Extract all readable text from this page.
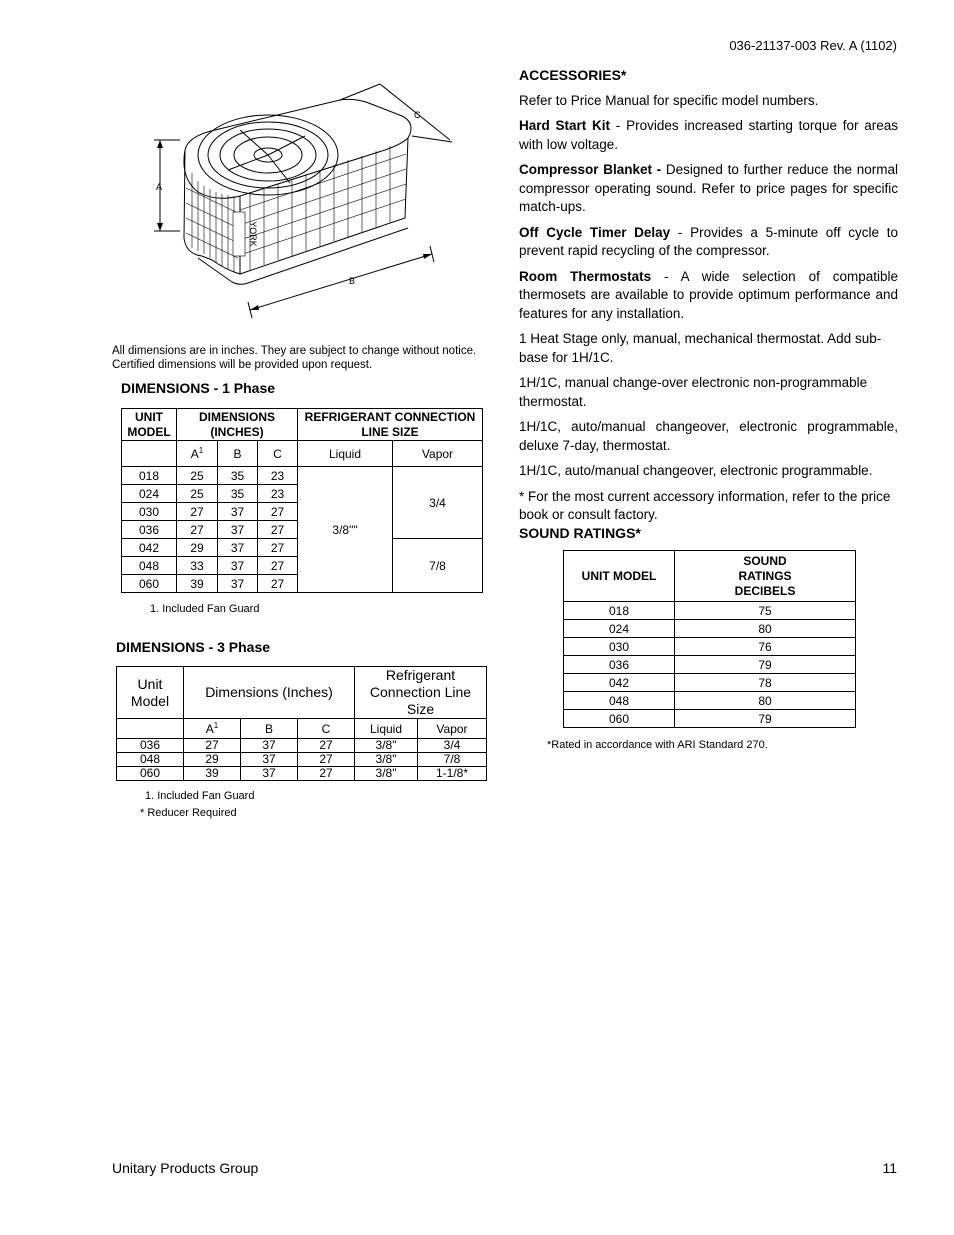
036-21137-003 Rev. A (1102)
YORK
A
B
C
All dimensions are in inches. They are subject to change without notice. Certified dimensions will be provided upon request.
DIMENSIONS - 1 Phase
UNIT MODEL	DIMENSIONS (INCHES)			REFRIGERANT CONNECTION LINE SIZE	
	$A^1$	B	C	Liquid	Vapor
018	25	35	23	3/8""	3/4
024	25	35	23		
030	27	37	27		
036	27	37	27		
042	29	37	27		7/8
048	33	37	27		
060	39	37	27		
1. Included Fan Guard
DIMENSIONS - 3 Phase
Unit Model	Dimensions (Inches)			Refrigerant Connection Line Size	
	$A^1$	B	C	Liquid	Vapor
036	27	37	27	3/8"	3/4
048	29	37	27	3/8"	7/8
060	39	37	27	3/8"	1-1/8*
1. Included Fan Guard
* Reducer Required
ACCESSORIES*

Refer to Price Manual for specific model numbers.

Hard Start Kit - Provides increased starting torque for areas with low voltage.

Compressor Blanket - Designed to further reduce the normal compressor operating sound. Refer to price pages for specific match-ups.

Off Cycle Timer Delay - Provides a 5-minute off cycle to prevent rapid recycling of the compressor.

Room Thermostats - A wide selection of compatible thermosets are available to provide optimum performance and features for any installation.

1 Heat Stage only, manual, mechanical thermostat. Add sub-base for 1H/1C.

1H/1C, manual change-over electronic non-programmable thermostat.

1H/1C, auto/manual changeover, electronic programmable, deluxe 7-day, thermostat.

1H/1C, auto/manual changeover, electronic programmable.

* For the most current accessory information, refer to the price book or consult factory.

SOUND RATINGS*
UNIT MODEL	SOUND
RATINGS
DECIBELS
018	75
024	80
030	76
036	79
042	78
048	80
060	79
*Rated in accordance with ARI Standard 270.
Unitary Products Group	11
